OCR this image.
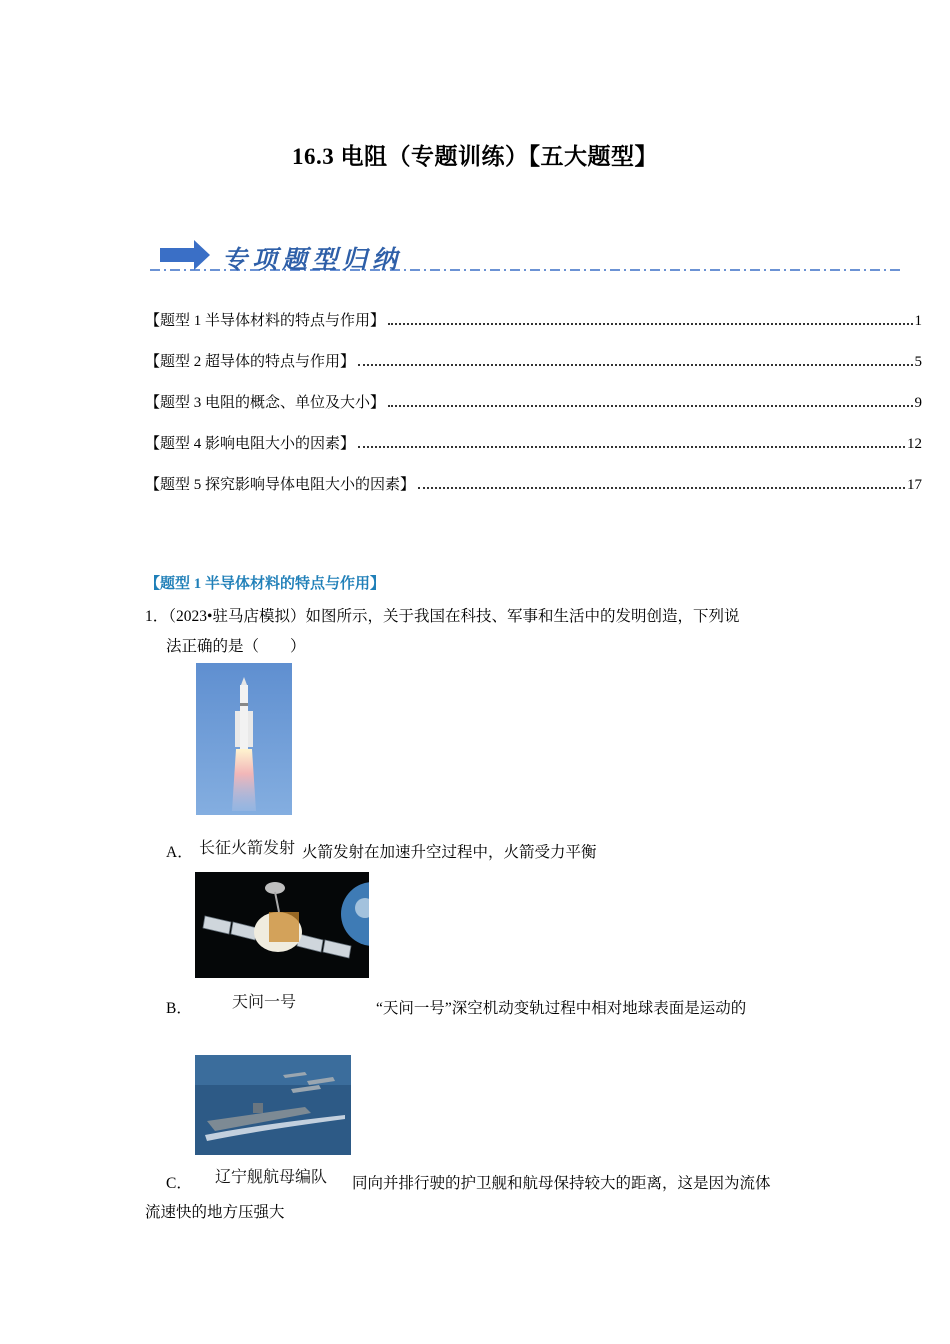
16.3 电阻（专题训练）【五大题型】
专项题型归纳
【题型 1 半导体材料的特点与作用】	1
【题型 2 超导体的特点与作用】	5
【题型 3 电阻的概念、单位及大小】	9
【题型 4 影响电阻大小的因素】	12
【题型 5 探究影响导体电阻大小的因素】	17
【题型 1 半导体材料的特点与作用】
1．（2023•驻马店模拟）如图所示，关于我国在科技、军事和生活中的发明创造，下列说
法正确的是（　　）
A． 长征火箭发射 火箭发射在加速升空过程中，火箭受力平衡
B．	天问一号	“天问一号”深空机动变轨过程中相对地球表面是运动的
C． 辽宁舰航母编队 同向并排行驶的护卫舰和航母保持较大的距离，这是因为流体
流速快的地方压强大
